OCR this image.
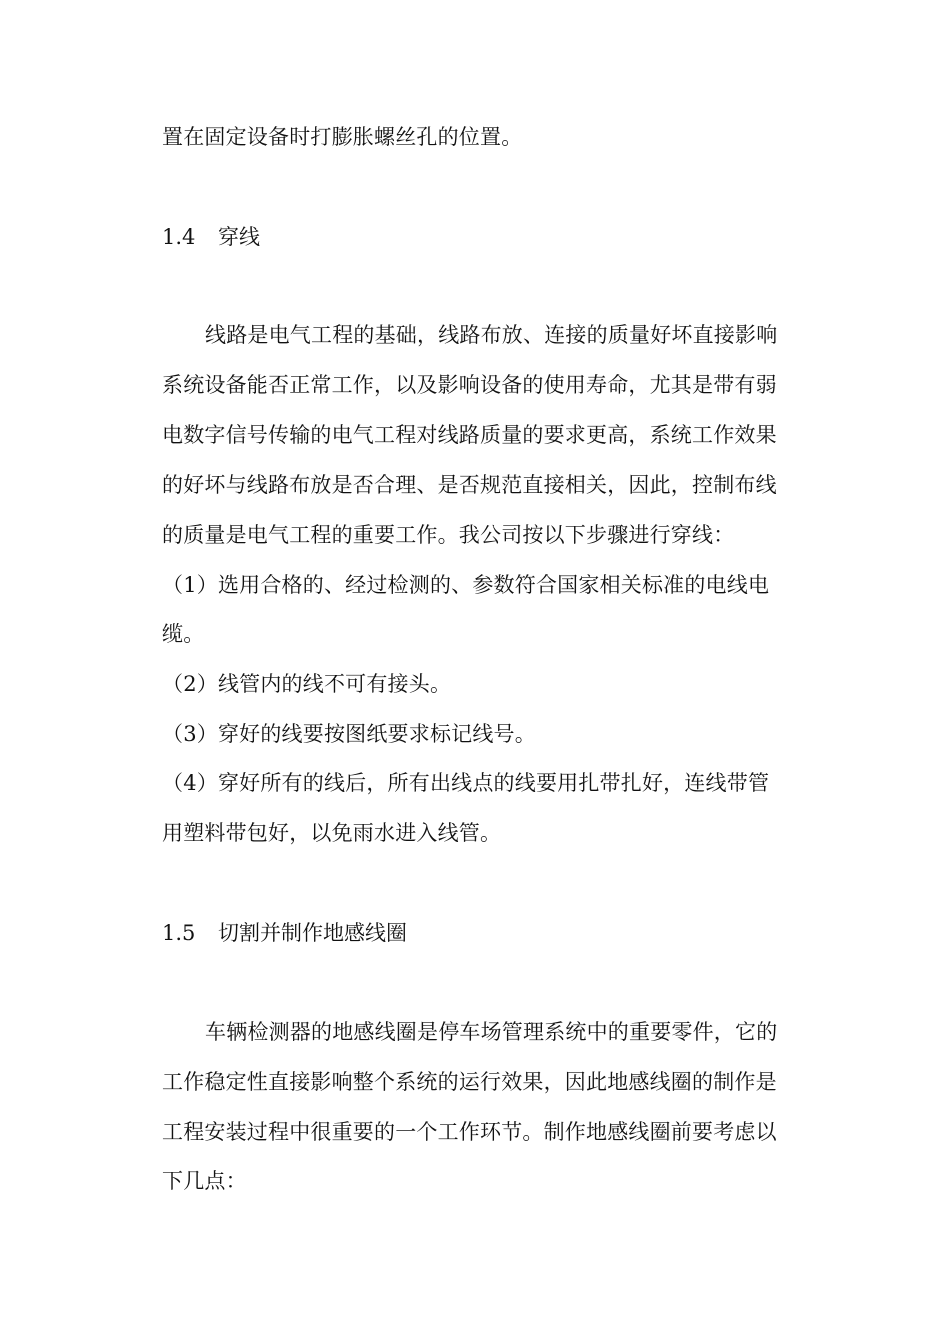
置在固定设备时打膨胀螺丝孔的位置。
1.4 穿线
线路是电气工程的基础，线路布放、连接的质量好坏直接影响
系统设备能否正常工作，以及影响设备的使用寿命，尤其是带有弱
电数字信号传输的电气工程对线路质量的要求更高，系统工作效果
的好坏与线路布放是否合理、是否规范直接相关，因此，控制布线
的质量是电气工程的重要工作。我公司按以下步骤进行穿线：
（1）选用合格的、经过检测的、参数符合国家相关标准的电线电
缆。
（2）线管内的线不可有接头。
（3）穿好的线要按图纸要求标记线号。
（4）穿好所有的线后，所有出线点的线要用扎带扎好，连线带管
用塑料带包好，以免雨水进入线管。
1.5 切割并制作地感线圈
车辆检测器的地感线圈是停车场管理系统中的重要零件，它的
工作稳定性直接影响整个系统的运行效果，因此地感线圈的制作是
工程安装过程中很重要的一个工作环节。制作地感线圈前要考虑以
下几点：
